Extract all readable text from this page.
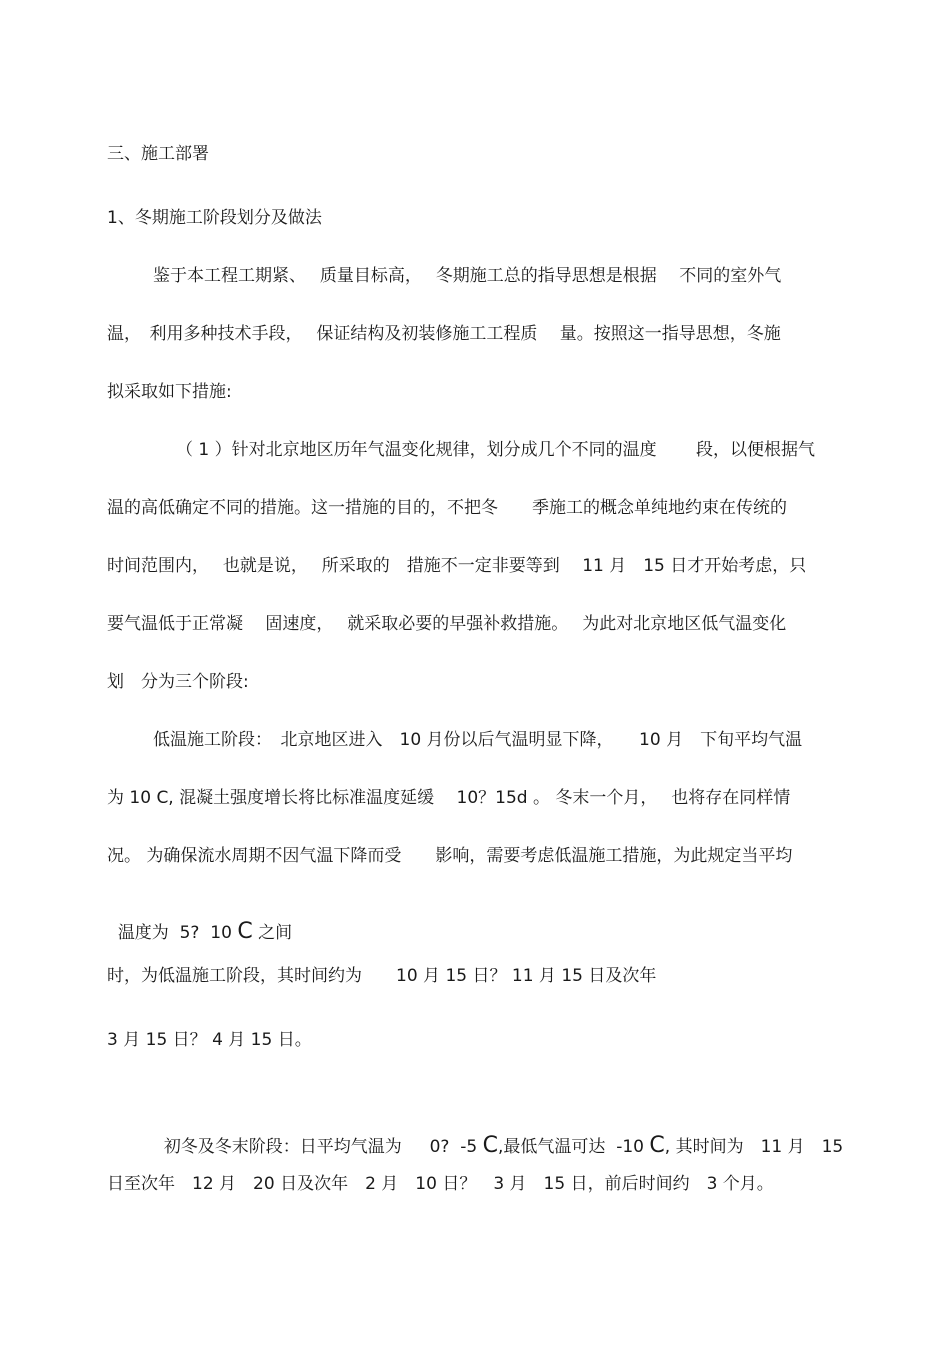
三、施工部署
1、冬期施工阶段划分及做法
鉴于本工程工期紧、　 质量目标高，　 冬期施工总的指导思想是根据　 不同的室外气
温，　利用多种技术手段，　 保证结构及初装修施工工程质　 量。按照这一指导思想，冬施
拟采取如下措施:
（ 1 ）针对北京地区历年气温变化规律，划分成几个不同的温度　　 段，以便根据气
温的高低确定不同的措施。这一措施的目的，不把冬　　季施工的概念单纯地约束在传统的
时间范围内，　 也就是说，　 所采取的　措施不一定非要等到　 11 月　15 日才开始考虑，只
要气温低于正常凝　 固速度，　 就采取必要的早强补救措施。　 为此对北京地区低气温变化
划　分为三个阶段:
低温施工阶段：　北京地区进入　10 月份以后气温明显下降，　　10 月　下旬平均气温
为 10 C, 混凝土强度增长将比标准温度延缓　 10？15d 。 冬末一个月，　 也将存在同样情
况。 为确保流水周期不因气温下降而受　　影响，需要考虑低温施工措施，为此规定当平均

温度为  5?  10 C 之间

时，为低温施工阶段，其时间约为　　10 月 15 日？ 11 月 15 日及次年
3 月 15 日？ 4 月 15 日。

初冬及冬末阶段：日平均气温为　  0?  -5 C,最低气温可达  -10 C, 其时间为　11 月　15

日至次年　12 月　20 日及次年　2 月　10 日？　3 月　15 日，前后时间约　3 个月。
